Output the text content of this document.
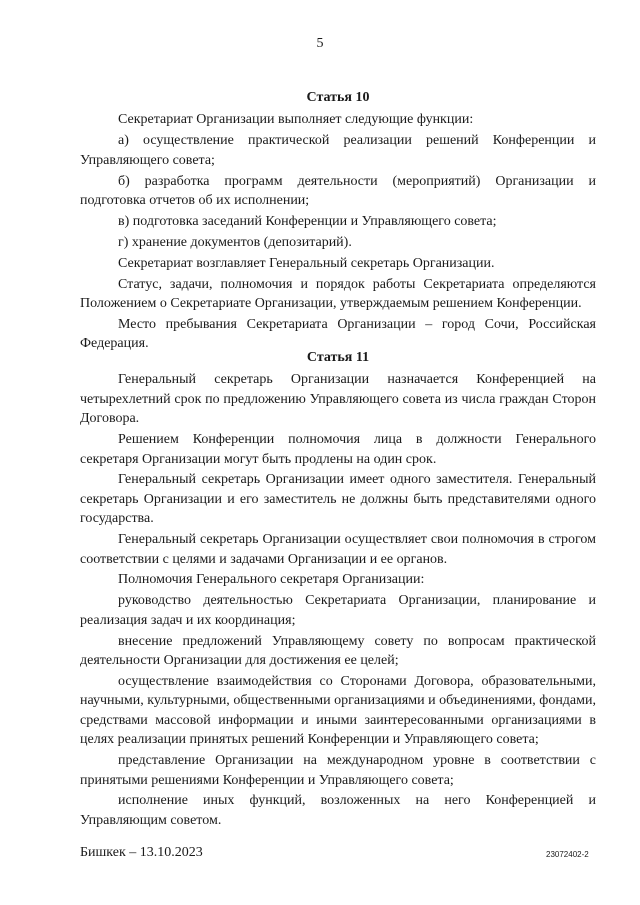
5
Статья 10

Секретариат Организации выполняет следующие функции:

а) осуществление практической реализации решений Конференции и Управляющего совета;

б) разработка программ деятельности (мероприятий) Организации и подготовка отчетов об их исполнении;

в) подготовка заседаний Конференции и Управляющего совета;

г) хранение документов (депозитарий).

Секретариат возглавляет Генеральный секретарь Организации.

Статус, задачи, полномочия и порядок работы Секретариата определяются Положением о Секретариате Организации, утверждаемым решением Конференции.

Место пребывания Секретариата Организации – город Сочи, Российская Федерация.

Статья 11

Генеральный секретарь Организации назначается Конференцией на четырехлетний срок по предложению Управляющего совета из числа граждан Сторон Договора.

Решением Конференции полномочия лица в должности Генерального секретаря Организации могут быть продлены на один срок.

Генеральный секретарь Организации имеет одного заместителя. Генеральный секретарь Организации и его заместитель не должны быть представителями одного государства.

Генеральный секретарь Организации осуществляет свои полномочия в строгом соответствии с целями и задачами Организации и ее органов.

Полномочия Генерального секретаря Организации:

руководство деятельностью Секретариата Организации, планирование и реализация задач и их координация;

внесение предложений Управляющему совету по вопросам практической деятельности Организации для достижения ее целей;

осуществление взаимодействия со Сторонами Договора, образовательными, научными, культурными, общественными организациями и объединениями, фондами, средствами массовой информации и иными заинтересованными организациями в целях реализации принятых решений Конференции и Управляющего совета;

представление Организации на международном уровне в соответствии с принятыми решениями Конференции и Управляющего совета;

исполнение иных функций, возложенных на него Конференцией и Управляющим советом.

Бишкек – 13.10.2023	23072402-2
